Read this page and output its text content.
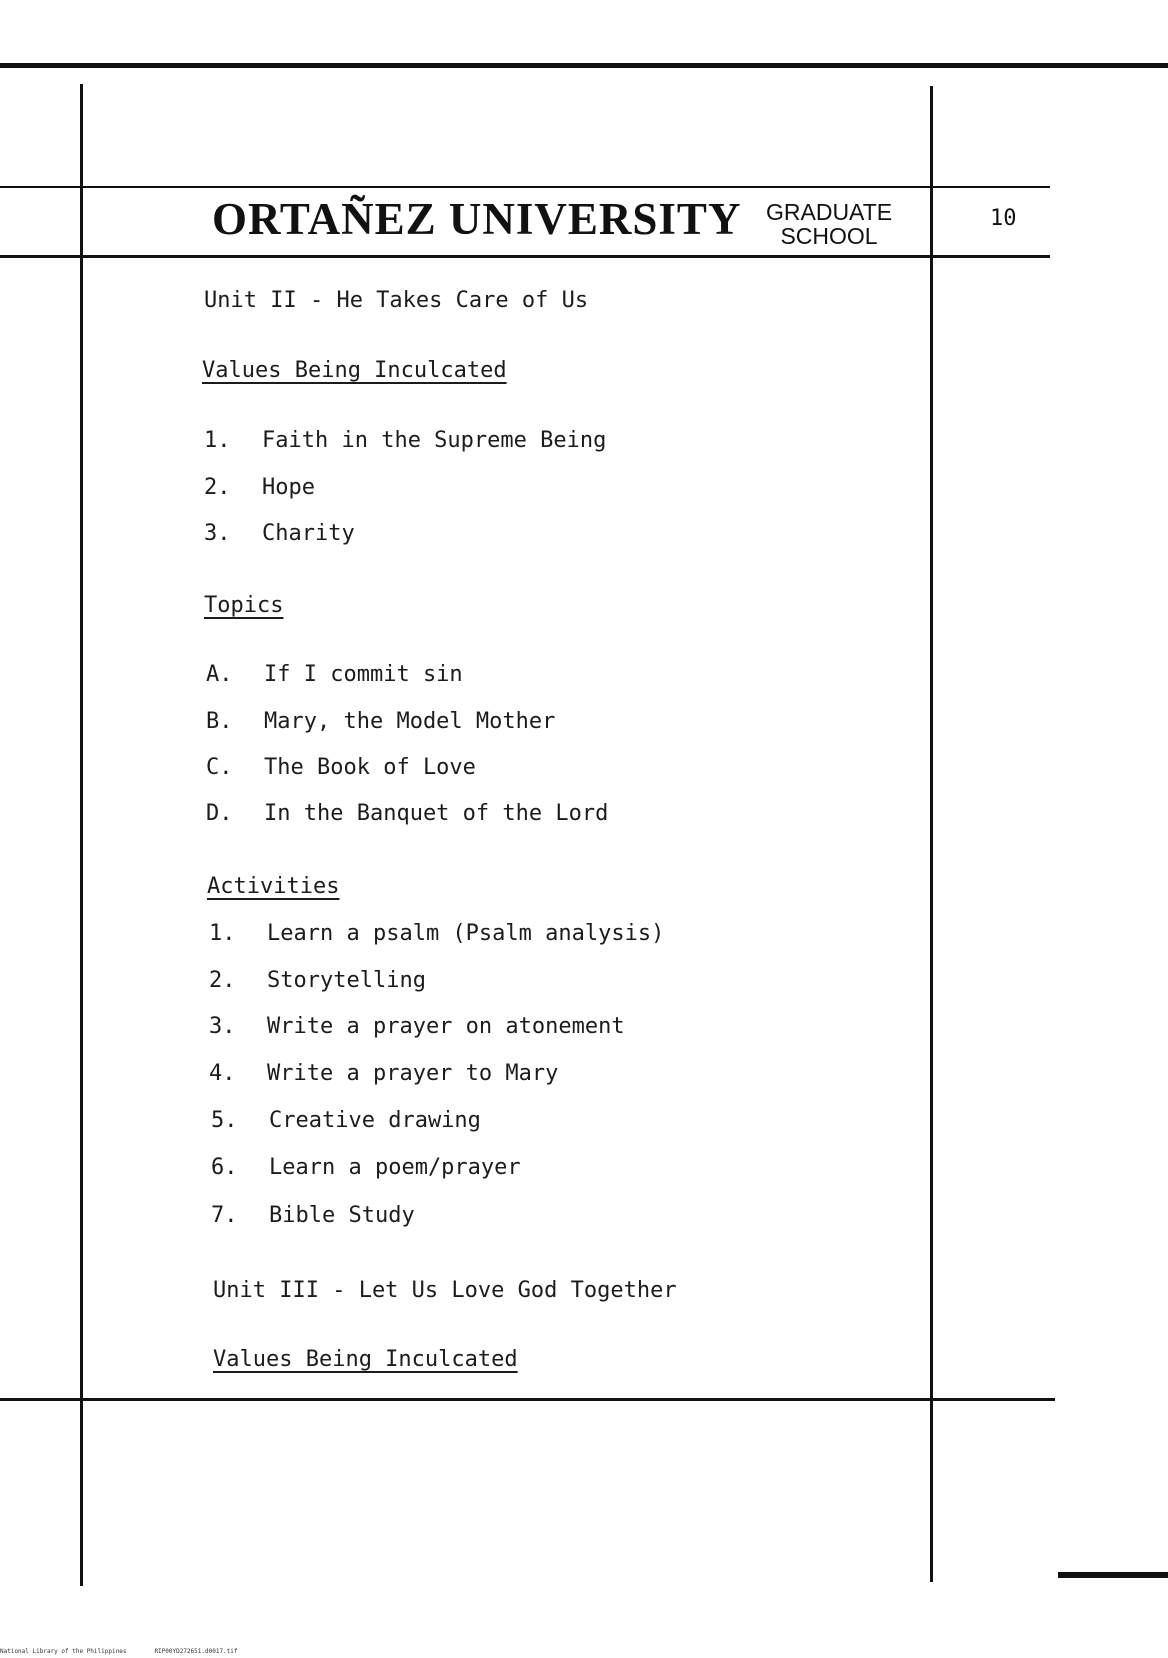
ORTAÑEZ UNIVERSITY GRADUATE
SCHOOL
10
Unit II - He Takes Care of Us
Values Being Inculcated
1. Faith in the Supreme Being
2. Hope
3. Charity
Topics
A. If I commit sin
B. Mary, the Model Mother
C. The Book of Love
D. In the Banquet of the Lord
Activities
1. Learn a psalm (Psalm analysis)
2. Storytelling
3. Write a prayer on atonement
4. Write a prayer to Mary
5. Creative drawing
6. Learn a poem/prayer
7. Bible Study
Unit III - Let Us Love God Together
Values Being Inculcated
National Library of the Philippines	RIP00YD272651.d0017.tif
